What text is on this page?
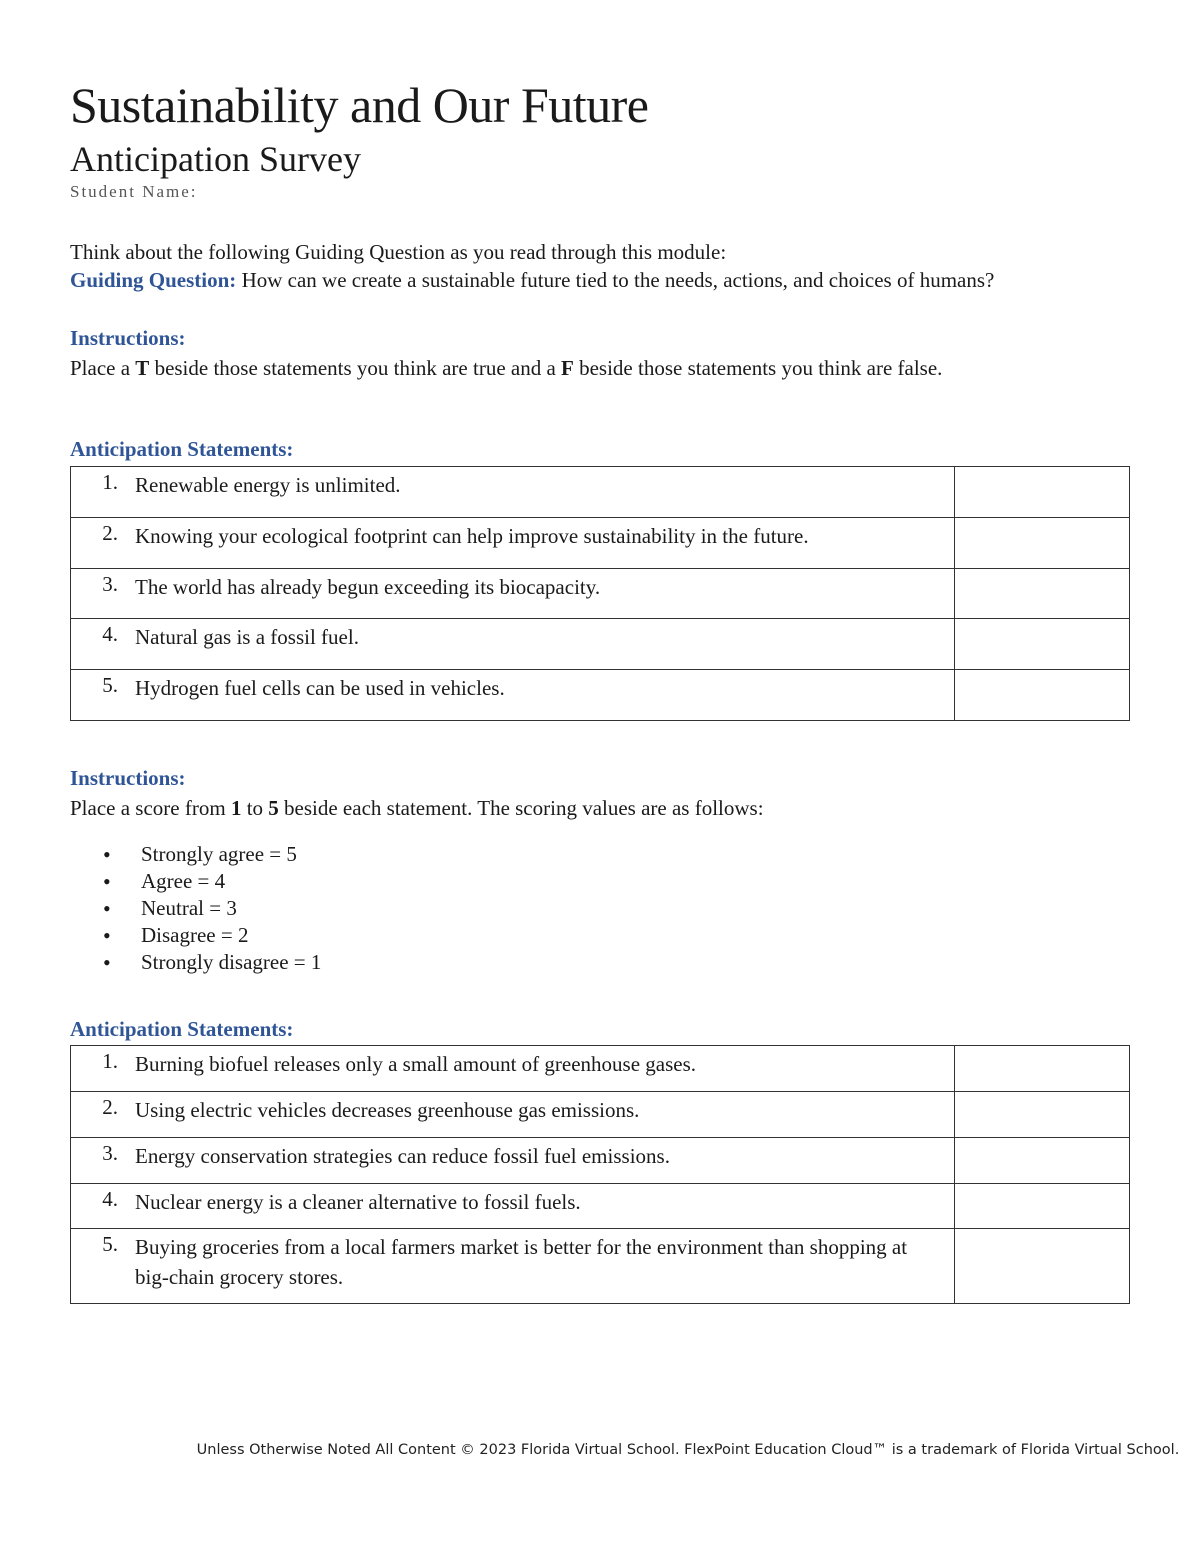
Sustainability and Our Future
Anticipation Survey
Student Name:
Think about the following Guiding Question as you read through this module:
Guiding Question: How can we create a sustainable future tied to the needs, actions, and choices of humans?
Instructions:
Place a T beside those statements you think are true and a F beside those statements you think are false.
Anticipation Statements:
1. Renewable energy is unlimited.	

2. Knowing your ecological footprint can help improve sustainability in the future.	

3. The world has already begun exceeding its biocapacity.	

4. Natural gas is a fossil fuel.	

5. Hydrogen fuel cells can be used in vehicles.	

Instructions:
Place a score from 1 to 5 beside each statement. The scoring values are as follows:
• Strongly agree = 5
• Agree = 4
• Neutral = 3
• Disagree = 2
• Strongly disagree = 1
Anticipation Statements:
1. Burning biofuel releases only a small amount of greenhouse gases.	

2. Using electric vehicles decreases greenhouse gas emissions.	

3. Energy conservation strategies can reduce fossil fuel emissions.	

4. Nuclear energy is a cleaner alternative to fossil fuels.	

5. Buying groceries from a local farmers market is better for the environment than shopping at big-chain grocery stores.	

Unless Otherwise Noted All Content © 2023 Florida Virtual School. FlexPoint Education Cloud™ is a trademark of Florida Virtual School.
